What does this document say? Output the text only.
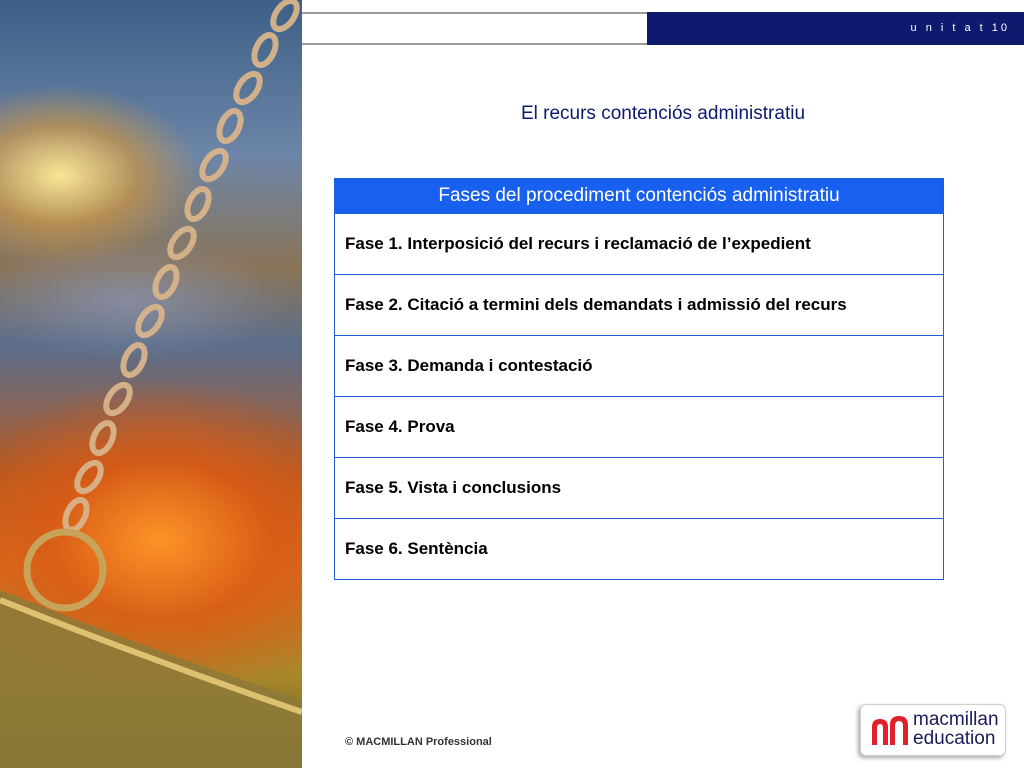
u n i t a t 10
El recurs contenciós administratiu
Fases del procediment contenciós administratiu
Fase 1. Interposició del recurs i reclamació de l’expedient
Fase 2. Citació a termini dels demandats i admissió del recurs
Fase 3. Demanda i contestació
Fase 4. Prova
Fase 5. Vista i conclusions
Fase 6. Sentència
© MACMILLAN Professional
macmillan
education
